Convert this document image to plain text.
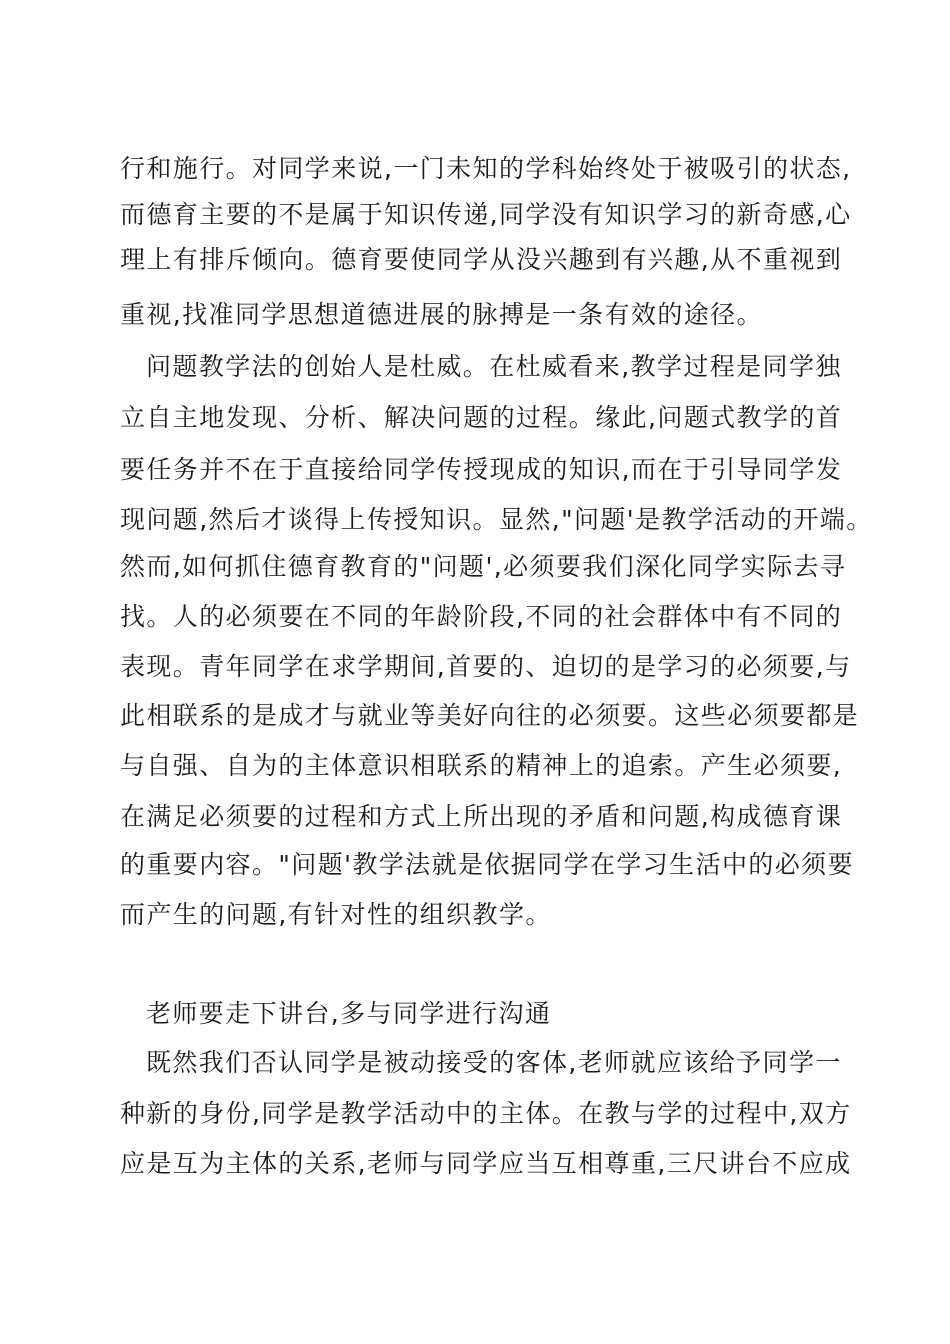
行和施行。对同学来说,一门未知的学科始终处于被吸引的状态,
而德育主要的不是属于知识传递,同学没有知识学习的新奇感,心
理上有排斥倾向。德育要使同学从没兴趣到有兴趣,从不重视到
重视,找准同学思想道德进展的脉搏是一条有效的途径。
问题教学法的创始人是杜威。在杜威看来,教学过程是同学独
立自主地发现、分析、解决问题的过程。缘此,问题式教学的首
要任务并不在于直接给同学传授现成的知识,而在于引导同学发
现问题,然后才谈得上传授知识。显然,"问题'是教学活动的开端。
然而,如何抓住德育教育的"问题',必须要我们深化同学实际去寻
找。人的必须要在不同的年龄阶段,不同的社会群体中有不同的
表现。青年同学在求学期间,首要的、迫切的是学习的必须要,与
此相联系的是成才与就业等美好向往的必须要。这些必须要都是
与自强、自为的主体意识相联系的精神上的追索。产生必须要,
在满足必须要的过程和方式上所出现的矛盾和问题,构成德育课
的重要内容。"问题'教学法就是依据同学在学习生活中的必须要
而产生的问题,有针对性的组织教学。
老师要走下讲台,多与同学进行沟通
既然我们否认同学是被动接受的客体,老师就应该给予同学一
种新的身份,同学是教学活动中的主体。在教与学的过程中,双方
应是互为主体的关系,老师与同学应当互相尊重,三尺讲台不应成
